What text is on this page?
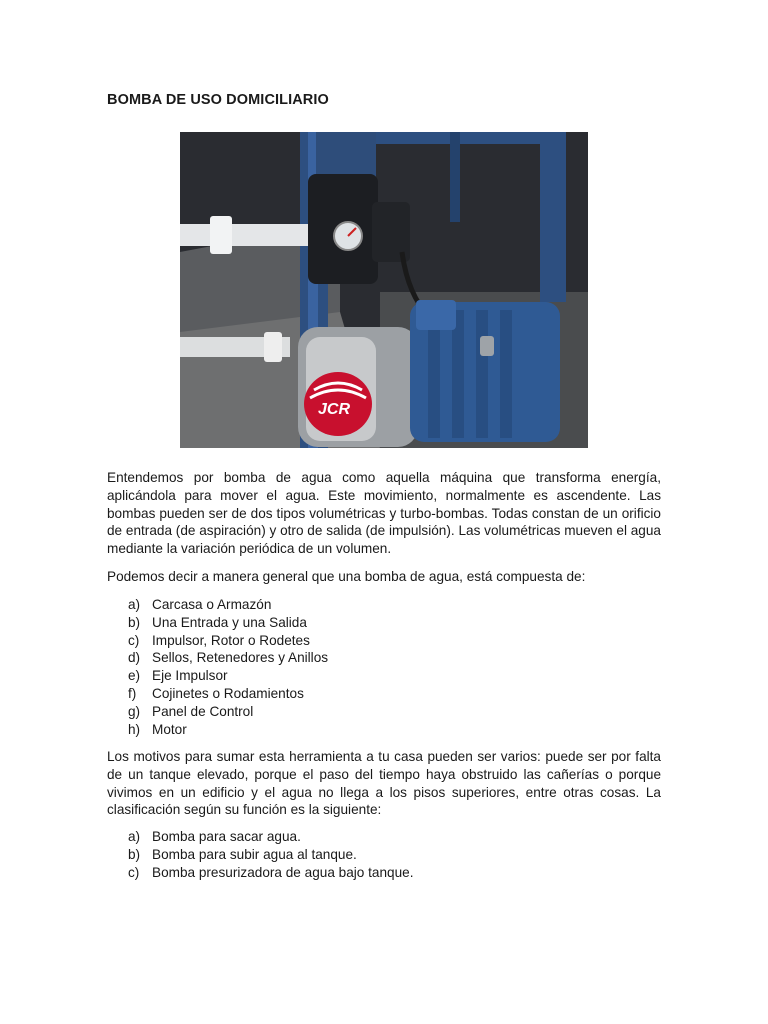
BOMBA DE USO DOMICILIARIO
JCR

Entendemos por bomba de agua como aquella máquina que transforma energía, aplicándola para mover el agua. Este movimiento, normalmente es ascendente. Las bombas pueden ser de dos tipos volumétricas y turbo-bombas. Todas constan de un orificio de entrada (de aspiración) y otro de salida (de impulsión). Las volumétricas mueven el agua mediante la variación periódica de un volumen.

Podemos decir a manera general que una bomba de agua, está compuesta de:

a) Carcasa o Armazón
b) Una Entrada y una Salida
c) Impulsor, Rotor o Rodetes
d) Sellos, Retenedores y Anillos
e) Eje Impulsor
f)	Cojinetes o Rodamientos
g) Panel de Control
h) Motor

Los motivos para sumar esta herramienta a tu casa pueden ser varios: puede ser por falta de un tanque elevado, porque el paso del tiempo haya obstruido las cañerías o porque vivimos en un edificio y el agua no llega a los pisos superiores, entre otras cosas. La clasificación según su función es la siguiente:

a) Bomba para sacar agua.
b) Bomba para subir agua al tanque.
c) Bomba presurizadora de agua bajo tanque.
